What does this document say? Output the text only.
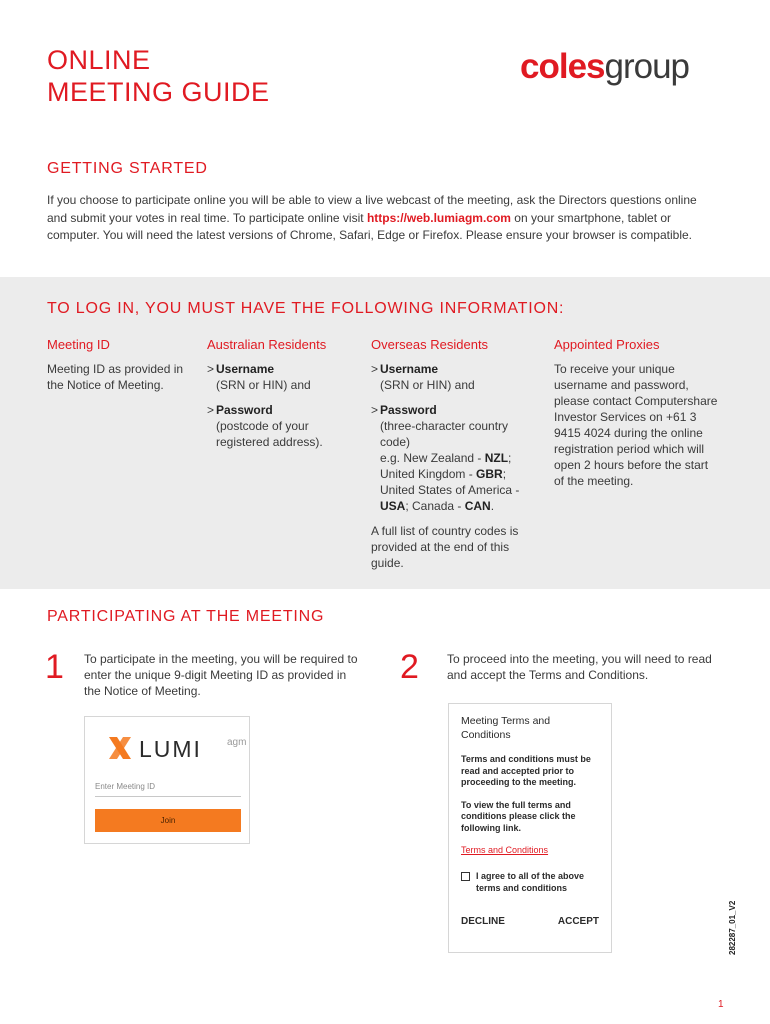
ONLINE
MEETING GUIDE
colesgroup
GETTING STARTED
If you choose to participate online you will be able to view a live webcast of the meeting, ask the Directors questions online and submit your votes in real time. To participate online visit https://web.lumiagm.com on your smartphone, tablet or computer. You will need the latest versions of Chrome, Safari, Edge or Firefox. Please ensure your browser is compatible.
TO LOG IN, YOU MUST HAVE THE FOLLOWING INFORMATION:
Meeting ID
Meeting ID as provided in the Notice of Meeting.
Australian Residents
> Username
(SRN or HIN) and
> Password
(postcode of your registered address).
Overseas Residents
> Username
(SRN or HIN) and
> Password
(three-character country code)
e.g. New Zealand - NZL; United Kingdom - GBR; United States of America - USA; Canada - CAN.
A full list of country codes is provided at the end of this guide.
Appointed Proxies
To receive your unique username and password, please contact Computershare Investor Services on +61 3 9415 4024 during the online registration period which will open 2 hours before the start of the meeting.
PARTICIPATING AT THE MEETING
1 To participate in the meeting, you will be required to enter the unique 9-digit Meeting ID as provided in the Notice of Meeting.
2 To proceed into the meeting, you will need to read and accept the Terms and Conditions.
LUMI	agm
Enter Meeting ID
Join
Meeting Terms and Conditions
Terms and conditions must be read and accepted prior to proceeding to the meeting.
To view the full terms and conditions please click the following link.
Terms and Conditions
I agree to all of the above terms and conditions
DECLINE	ACCEPT	282287_01_V2
1
